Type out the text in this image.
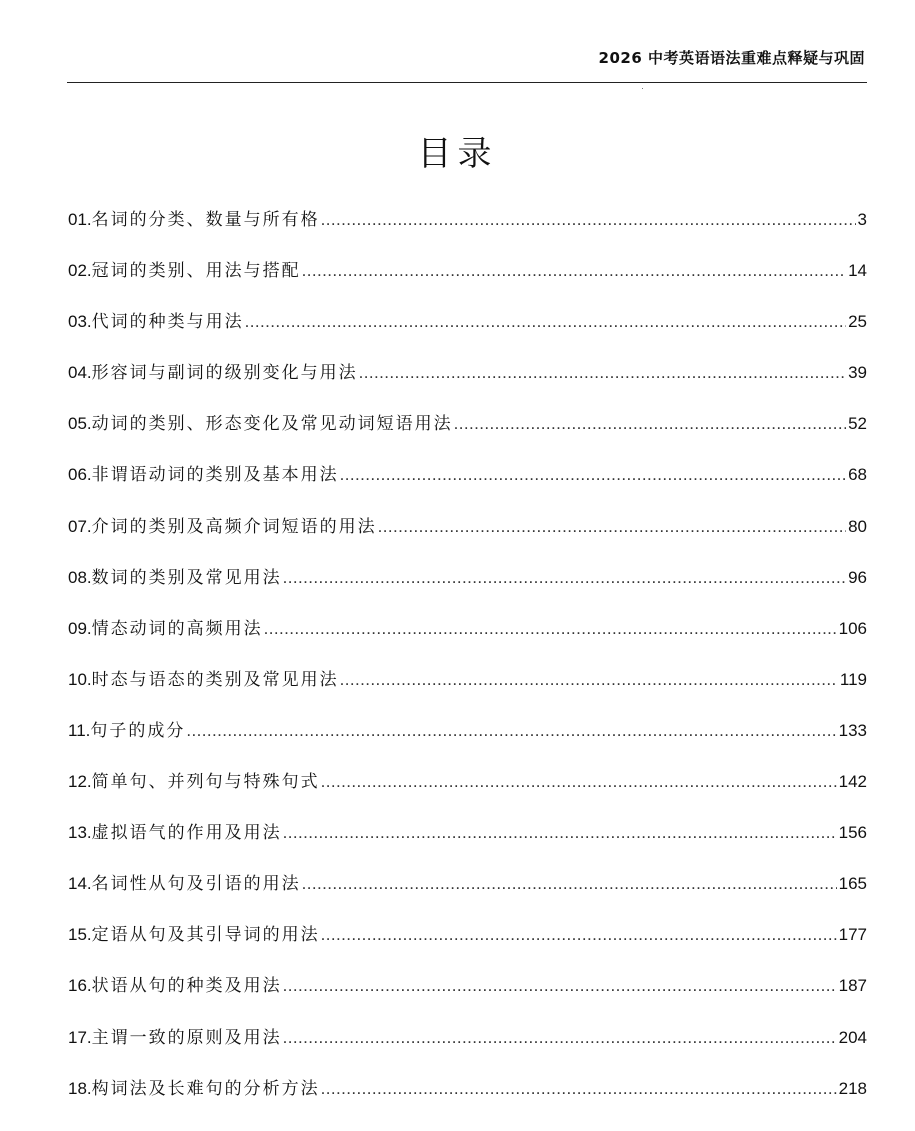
2026 中考英语语法重难点释疑与巩固
目录
01. 名词的分类、数量与所有格 .....	3
02. 冠词的类别、用法与搭配 .....	14
03. 代词的种类与用法 .....	25
04. 形容词与副词的级别变化与用法 .....	39
05. 动词的类别、形态变化及常见动词短语用法 .....	52
06. 非谓语动词的类别及基本用法 .....	68
07. 介词的类别及高频介词短语的用法 .....	80
08. 数词的类别及常见用法 .....	96
09. 情态动词的高频用法 .....	106
10. 时态与语态的类别及常见用法 .....	119
11. 句子的成分 .....	133
12. 简单句、并列句与特殊句式 .....	142
13. 虚拟语气的作用及用法 .....	156
14. 名词性从句及引语的用法 .....	165
15. 定语从句及其引导词的用法 .....	177
16. 状语从句的种类及用法 .....	187
17. 主谓一致的原则及用法 .....	204
18. 构词法及长难句的分析方法 .....	218
